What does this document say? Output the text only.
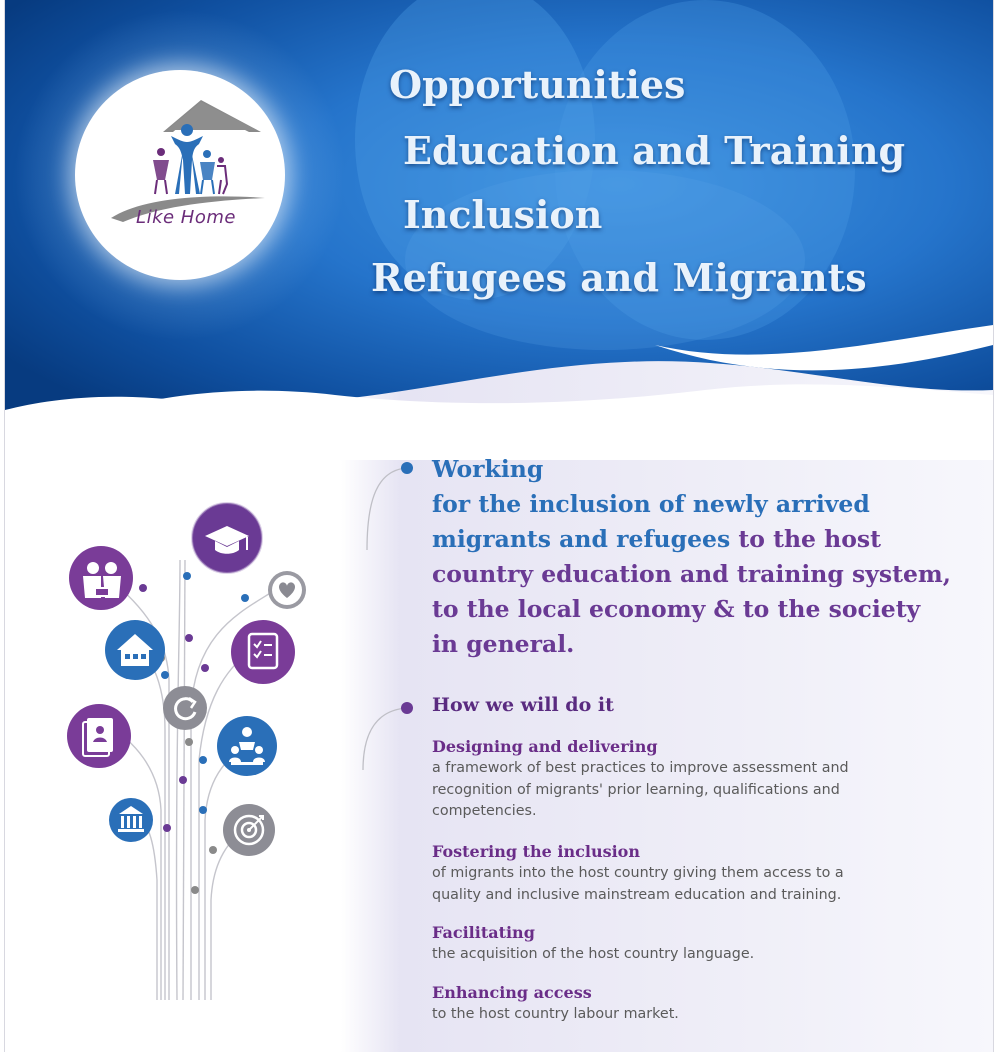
Like Home
Opportunities
Education and Training
Inclusion
Refugees and Migrants
Working
for the inclusion of newly arrived
migrants and refugees to the host
country education and training system,
to the local economy & to the society
in general.
How we will do it
Designing and delivering
a framework of best practices to improve assessment and
recognition of migrants' prior learning, qualifications and
competencies.
Fostering the inclusion
of migrants into the host country giving them access to a
quality and inclusive mainstream education and training.
Facilitating
the acquisition of the host country language.
Enhancing access
to the host country labour market.
